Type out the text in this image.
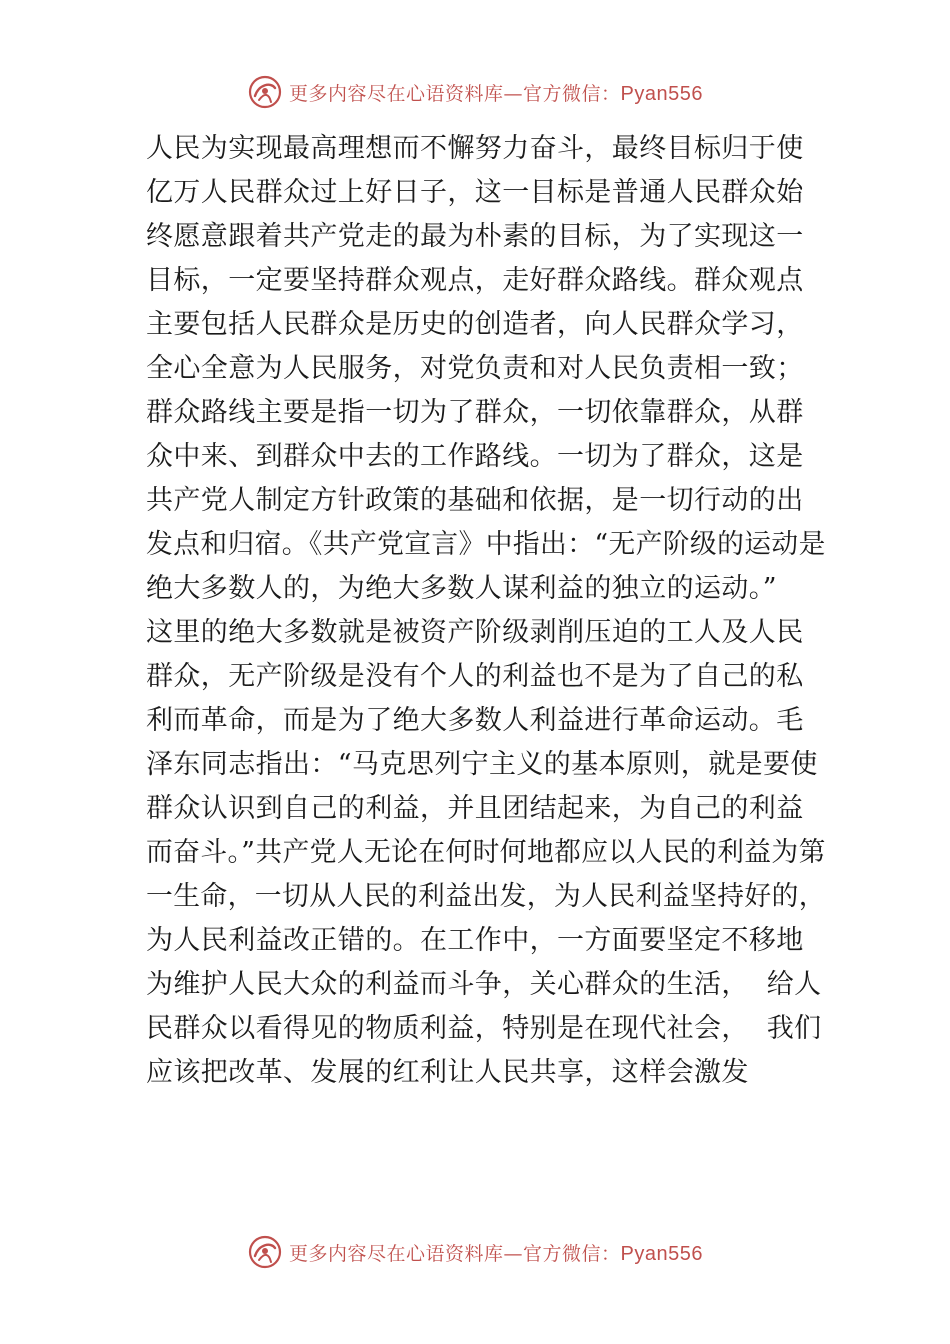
更多内容尽在心语资料库—官方微信：Pyan556
人民为实现最高理想而不懈努力奋斗，最终目标归于使
亿万人民群众过上好日子，这一目标是普通人民群众始
终愿意跟着共产党走的最为朴素的目标，为了实现这一
目标，一定要坚持群众观点，走好群众路线。群众观点
主要包括人民群众是历史的创造者，向人民群众学习，
全心全意为人民服务，对党负责和对人民负责相一致；
群众路线主要是指一切为了群众，一切依靠群众，从群
众中来、到群众中去的工作路线。一切为了群众，这是
共产党人制定方针政策的基础和依据，是一切行动的出
发点和归宿。《共产党宣言》中指出：“无产阶级的运动是
绝大多数人的，为绝大多数人谋利益的独立的运动。”
这里的绝大多数就是被资产阶级剥削压迫的工人及人民
群众，无产阶级是没有个人的利益也不是为了自己的私
利而革命，而是为了绝大多数人利益进行革命运动。毛
泽东同志指出：“马克思列宁主义的基本原则，就是要使
群众认识到自己的利益，并且团结起来，为自己的利益
而奋斗。”共产党人无论在何时何地都应以人民的利益为第
一生命，一切从人民的利益出发，为人民利益坚持好的，
为人民利益改正错的。在工作中，一方面要坚定不移地
为维护人民大众的利益而斗争，关心群众的生活，  给人
民群众以看得见的物质利益，特别是在现代社会，  我们
应该把改革、发展的红利让人民共享，这样会激发
更多内容尽在心语资料库—官方微信：Pyan556
